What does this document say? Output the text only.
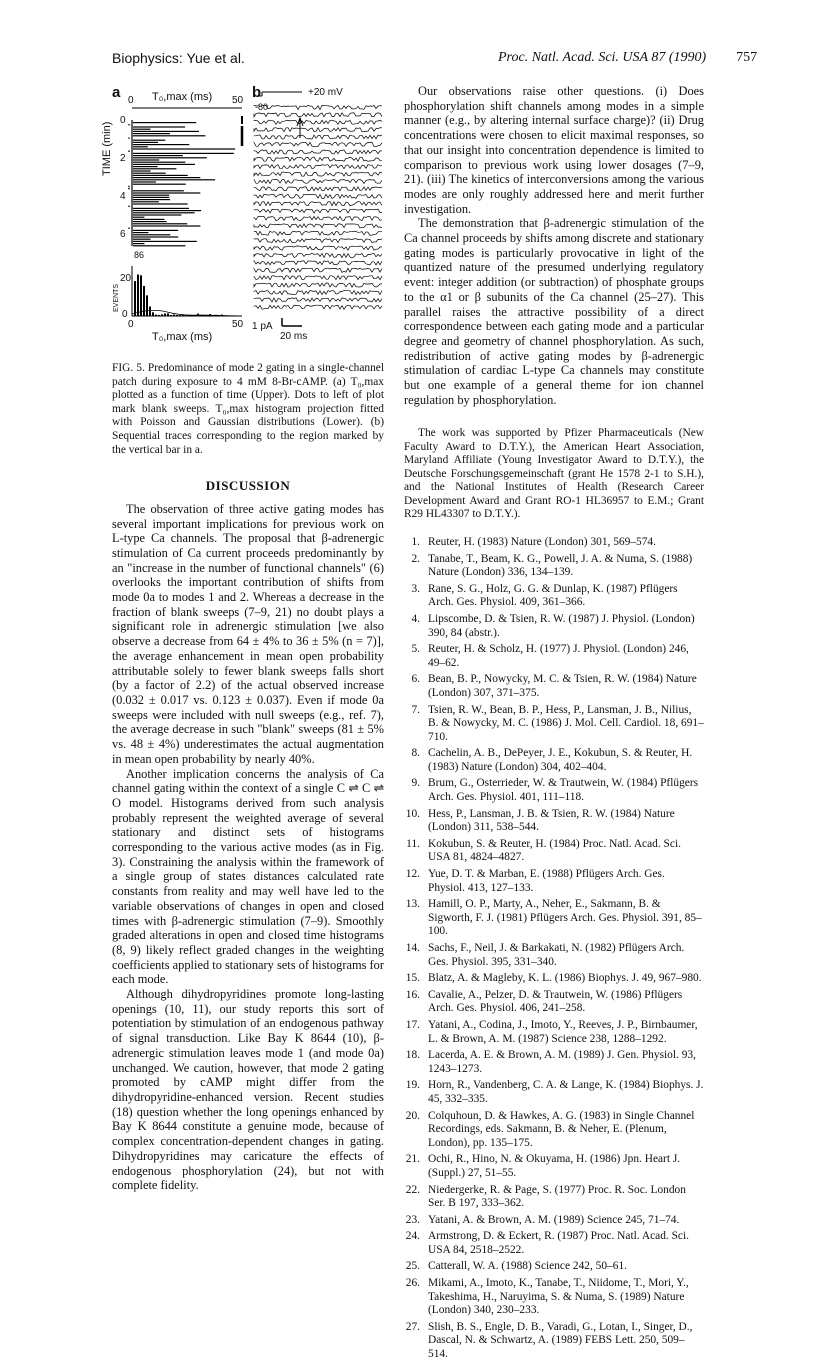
Biophysics: Yue et al.	Proc. Natl. Acad. Sci. USA 87 (1990) 757
a	b
T₀,max (ms)
0	50
TIME (min)
0
2
4
6
86
EVENTS
20
0
0	50
T₀,max (ms)
+20 mV
-80
1 pA
20 ms
FIG. 5. Predominance of mode 2 gating in a single-channel patch during exposure to 4 mM 8-Br-cAMP. (a) T₀,max plotted as a function of time (Upper). Dots to left of plot mark blank sweeps. T₀,max histogram projection fitted with Poisson and Gaussian distributions (Lower). (b) Sequential traces corresponding to the region marked by the vertical bar in a.
DISCUSSION

The observation of three active gating modes has several important implications for previous work on L-type Ca channels. The proposal that β-adrenergic stimulation of Ca current proceeds predominantly by an "increase in the number of functional channels" (6) overlooks the important contribution of shifts from mode 0a to modes 1 and 2. Whereas a decrease in the fraction of blank sweeps (7–9, 21) no doubt plays a significant role in adrenergic stimulation [we also observe a decrease from 64 ± 4% to 36 ± 5% (n = 7)], the average enhancement in mean open probability attributable solely to fewer blank sweeps falls short (by a factor of 2.2) of the actual observed increase (0.032 ± 0.017 vs. 0.123 ± 0.037). Even if mode 0a sweeps were included with null sweeps (e.g., ref. 7), the average decrease in such "blank" sweeps (81 ± 5% vs. 48 ± 4%) underestimates the actual augmentation in mean open probability by nearly 40%.

Another implication concerns the analysis of Ca channel gating within the context of a single C ⇌ C ⇌ O model. Histograms derived from such analysis probably represent the weighted average of several stationary and distinct sets of histograms corresponding to the various active modes (as in Fig. 3). Constraining the analysis within the framework of a single group of states distances calculated rate constants from reality and may well have led to the variable observations of changes in open and closed times with β-adrenergic stimulation (7–9). Smoothly graded alterations in open and closed time histograms (8, 9) likely reflect graded changes in the weighting coefficients applied to stationary sets of histograms for each mode.

Although dihydropyridines promote long-lasting openings (10, 11), our study reports this sort of potentiation by stimulation of an endogenous pathway of signal transduction. Like Bay K 8644 (10), β-adrenergic stimulation leaves mode 1 (and mode 0a) unchanged. We caution, however, that mode 2 gating promoted by cAMP might differ from the dihydropyridine-enhanced version. Recent studies (18) question whether the long openings enhanced by Bay K 8644 constitute a genuine mode, because of complex concentration-dependent changes in gating. Dihydropyridines may caricature the effects of endogenous phosphorylation (24), but not with complete fidelity.

Our observations raise other questions. (i) Does phosphorylation shift channels among modes in a simple manner (e.g., by altering internal surface charge)? (ii) Drug concentrations were chosen to elicit maximal responses, so that our insight into concentration dependence is limited to comparison to previous work using lower dosages (7–9, 21). (iii) The kinetics of interconversions among the various modes are only roughly addressed here and merit further investigation.

The demonstration that β-adrenergic stimulation of the Ca channel proceeds by shifts among discrete and stationary gating modes is particularly provocative in light of the quantized nature of the presumed underlying regulatory event: integer addition (or subtraction) of phosphate groups to the α1 or β subunits of the Ca channel (25–27). This parallel raises the attractive possibility of a direct correspondence between each gating mode and a particular degree and geometry of channel phosphorylation. As such, redistribution of active gating modes by β-adrenergic stimulation of cardiac L-type Ca channels may constitute but one example of a general theme for ion channel regulation by phosphorylation.

The work was supported by Pfizer Pharmaceuticals (New Faculty Award to D.T.Y.), the American Heart Association, Maryland Affiliate (Young Investigator Award to D.T.Y.), the Deutsche Forschungsgemeinschaft (grant He 1578 2-1 to S.H.), and the National Institutes of Health (Research Career Development Award and Grant RO-1 HL36957 to E.M.; Grant R29 HL43307 to D.T.Y.).

1. Reuter, H. (1983) Nature (London) 301, 569–574.
2. Tanabe, T., Beam, K. G., Powell, J. A. & Numa, S. (1988) Nature (London) 336, 134–139.
3. Rane, S. G., Holz, G. G. & Dunlap, K. (1987) Pflügers Arch. Ges. Physiol. 409, 361–366.
4. Lipscombe, D. & Tsien, R. W. (1987) J. Physiol. (London) 390, 84 (abstr.).
5. Reuter, H. & Scholz, H. (1977) J. Physiol. (London) 246, 49–62.
6. Bean, B. P., Nowycky, M. C. & Tsien, R. W. (1984) Nature (London) 307, 371–375.
7. Tsien, R. W., Bean, B. P., Hess, P., Lansman, J. B., Nilius, B. & Nowycky, M. C. (1986) J. Mol. Cell. Cardiol. 18, 691–710.
8. Cachelin, A. B., DePeyer, J. E., Kokubun, S. & Reuter, H. (1983) Nature (London) 304, 402–404.
9. Brum, G., Osterrieder, W. & Trautwein, W. (1984) Pflügers Arch. Ges. Physiol. 401, 111–118.
10. Hess, P., Lansman, J. B. & Tsien, R. W. (1984) Nature (London) 311, 538–544.
11. Kokubun, S. & Reuter, H. (1984) Proc. Natl. Acad. Sci. USA 81, 4824–4827.
12. Yue, D. T. & Marban, E. (1988) Pflügers Arch. Ges. Physiol. 413, 127–133.
13. Hamill, O. P., Marty, A., Neher, E., Sakmann, B. & Sigworth, F. J. (1981) Pflügers Arch. Ges. Physiol. 391, 85–100.
14. Sachs, F., Neil, J. & Barkakati, N. (1982) Pflügers Arch. Ges. Physiol. 395, 331–340.
15. Blatz, A. & Magleby, K. L. (1986) Biophys. J. 49, 967–980.
16. Cavalie, A., Pelzer, D. & Trautwein, W. (1986) Pflügers Arch. Ges. Physiol. 406, 241–258.
17. Yatani, A., Codina, J., Imoto, Y., Reeves, J. P., Birnbaumer, L. & Brown, A. M. (1987) Science 238, 1288–1292.
18. Lacerda, A. E. & Brown, A. M. (1989) J. Gen. Physiol. 93, 1243–1273.
19. Horn, R., Vandenberg, C. A. & Lange, K. (1984) Biophys. J. 45, 332–335.
20. Colquhoun, D. & Hawkes, A. G. (1983) in Single Channel Recordings, eds. Sakmann, B. & Neher, E. (Plenum, London), pp. 135–175.
21. Ochi, R., Hino, N. & Okuyama, H. (1986) Jpn. Heart J. (Suppl.) 27, 51–55.
22. Niedergerke, R. & Page, S. (1977) Proc. R. Soc. London Ser. B 197, 333–362.
23. Yatani, A. & Brown, A. M. (1989) Science 245, 71–74.
24. Armstrong, D. & Eckert, R. (1987) Proc. Natl. Acad. Sci. USA 84, 2518–2522.
25. Catterall, W. A. (1988) Science 242, 50–61.
26. Mikami, A., Imoto, K., Tanabe, T., Niidome, T., Mori, Y., Takeshima, H., Naruyima, S. & Numa, S. (1989) Nature (London) 340, 230–233.
27. Slish, B. S., Engle, D. B., Varadi, G., Lotan, I., Singer, D., Dascal, N. & Schwartz, A. (1989) FEBS Lett. 250, 509–514.
